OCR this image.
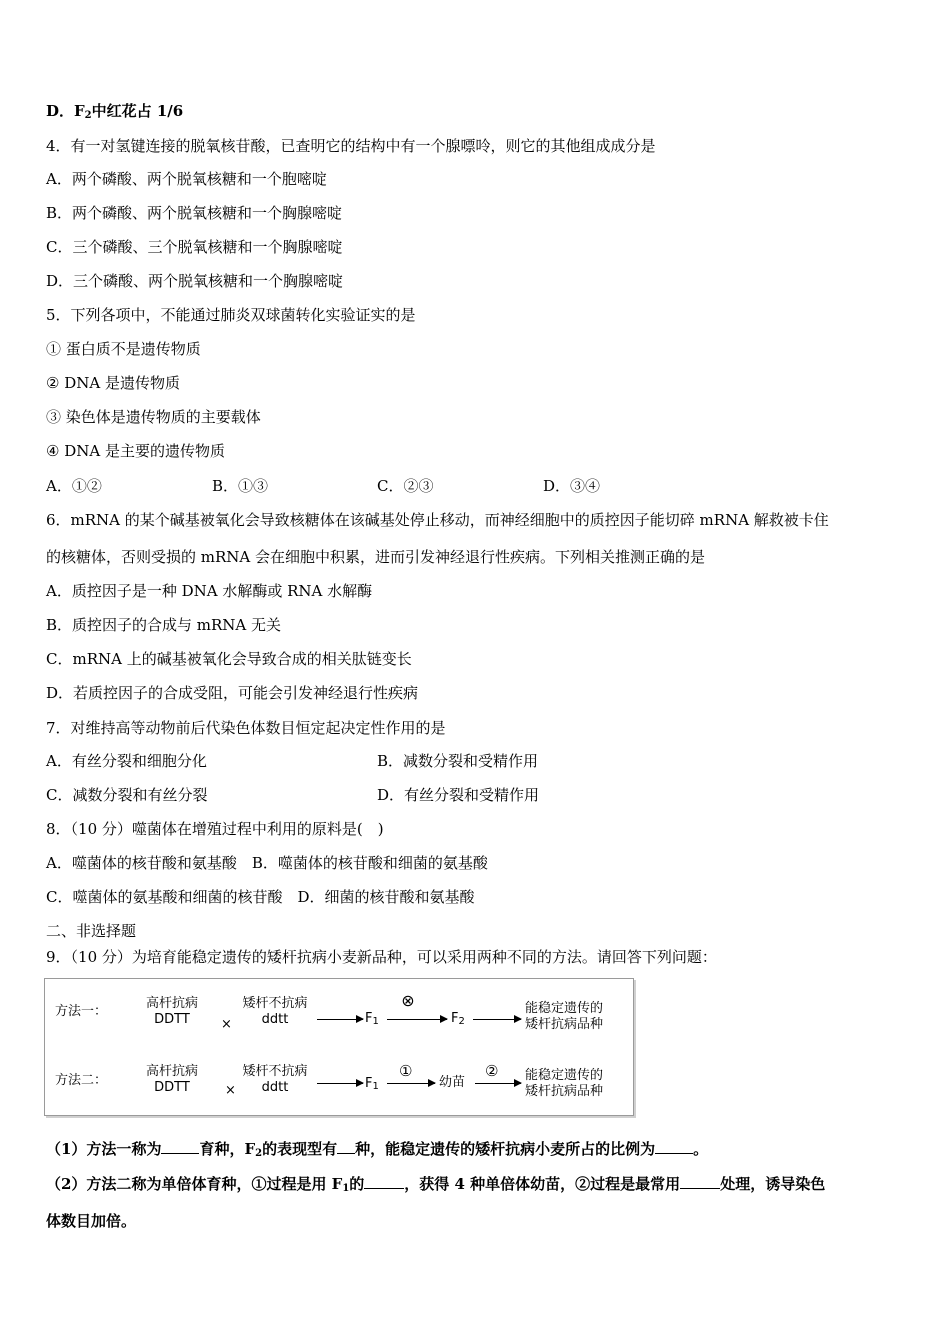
D．$F_2$中红花占 1/6
4．有一对氢键连接的脱氧核苷酸，已查明它的结构中有一个腺嘌呤，则它的其他组成成分是
A．两个磷酸、两个脱氧核糖和一个胞嘧啶
B．两个磷酸、两个脱氧核糖和一个胸腺嘧啶
C．三个磷酸、三个脱氧核糖和一个胸腺嘧啶
D．三个磷酸、两个脱氧核糖和一个胸腺嘧啶
5．下列各项中，不能通过肺炎双球菌转化实验证实的是
① 蛋白质不是遗传物质
② DNA 是遗传物质
③ 染色体是遗传物质的主要载体
④ DNA 是主要的遗传物质
A．①②	B．①③	C．②③	D．③④
6．mRNA 的某个碱基被氧化会导致核糖体在该碱基处停止移动，而神经细胞中的质控因子能切碎 mRNA 解救被卡住
的核糖体，否则受损的 mRNA 会在细胞中积累，进而引发神经退行性疾病。下列相关推测正确的是
A．质控因子是一种 DNA 水解酶或 RNA 水解酶
B．质控因子的合成与 mRNA 无关
C．mRNA 上的碱基被氧化会导致合成的相关肽链变长
D．若质控因子的合成受阻，可能会引发神经退行性疾病
7．对维持高等动物前后代染色体数目恒定起决定性作用的是
A．有丝分裂和细胞分化	B．减数分裂和受精作用
C．减数分裂和有丝分裂	D．有丝分裂和受精作用
8．（10 分）噬菌体在增殖过程中利用的原料是(　)
A．噬菌体的核苷酸和氨基酸　B．噬菌体的核苷酸和细菌的氨基酸
C．噬菌体的氨基酸和细菌的核苷酸　D．细菌的核苷酸和氨基酸
二、非选择题
9．（10 分）为培育能稳定遗传的矮杆抗病小麦新品种，可以采用两种不同的方法。请回答下列问题：
方法一：
高杆抗病
DDTT	×
矮杆不抗病
ddtt	$F_1$
⊗
$F_2$
能稳定遗传的
矮杆抗病品种
方法二：
高杆抗病
DDTT	×
矮杆不抗病
ddtt	$F_1$
①
幼苗
② 能稳定遗传的
矮杆抗病品种
（1）方法一称为	育种，$F_2$的表现型有 种，能稳定遗传的矮杆抗病小麦所占的比例为	。
（2）方法二称为单倍体育种，①过程是用 $F_1$的	，获得 4 种单倍体幼苗，②过程是最常用	处理，诱导染色
体数目加倍。
